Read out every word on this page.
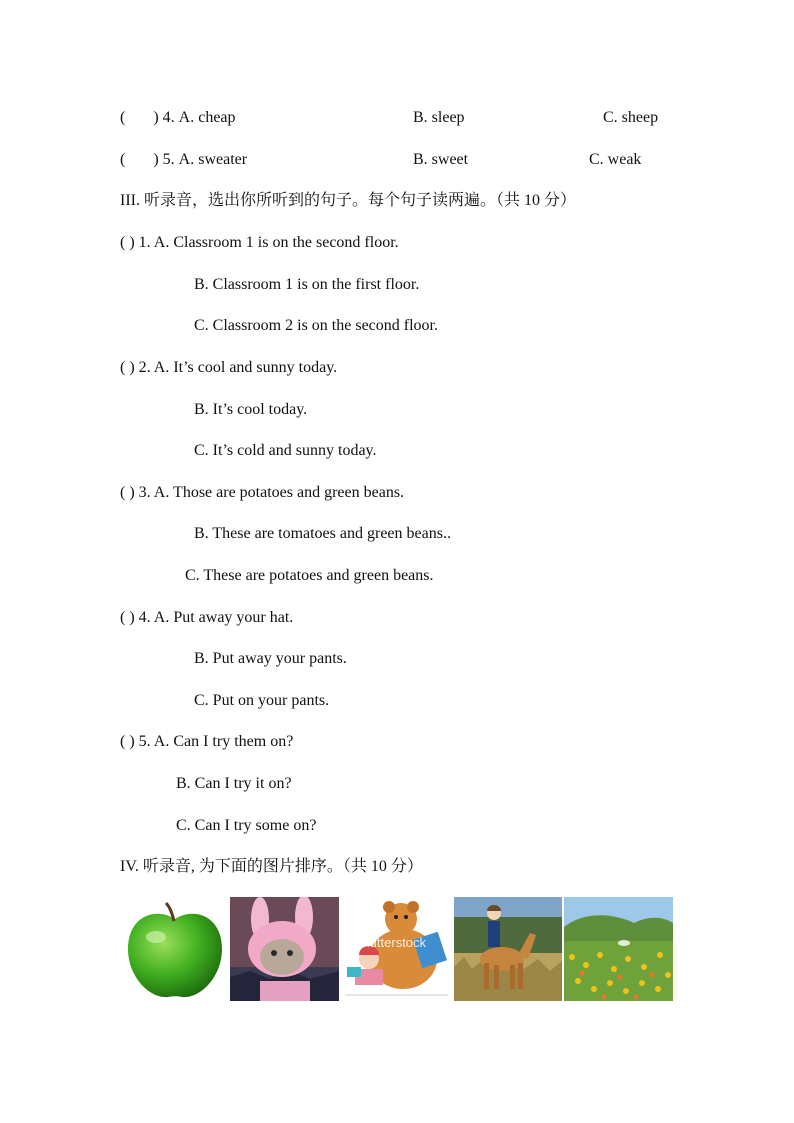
( ) 4. A. cheap	B. sleep	C. sheep
( ) 5. A. sweater	B. sweet	C. weak
III. 听录音，选出你所听到的句子。每个句子读两遍。（共 10 分）
( ) 1. A. Classroom 1 is on the second floor.
B. Classroom 1 is on the first floor.
C. Classroom 2 is on the second floor.
( ) 2. A. It’s cool and sunny today.
B. It’s cool today.
C. It’s cold and sunny today.
( ) 3. A. Those are potatoes and green beans.
B. These are tomatoes and green beans..
C. These are potatoes and green beans.
( ) 4. A. Put away your hat.
B. Put away your pants.
C. Put on your pants.
( ) 5. A. Can I try them on?
B. Can I try it on?
C. Can I try some on?
IV. 听录音, 为下面的图片排序。（共 10 分）
shutterstock
